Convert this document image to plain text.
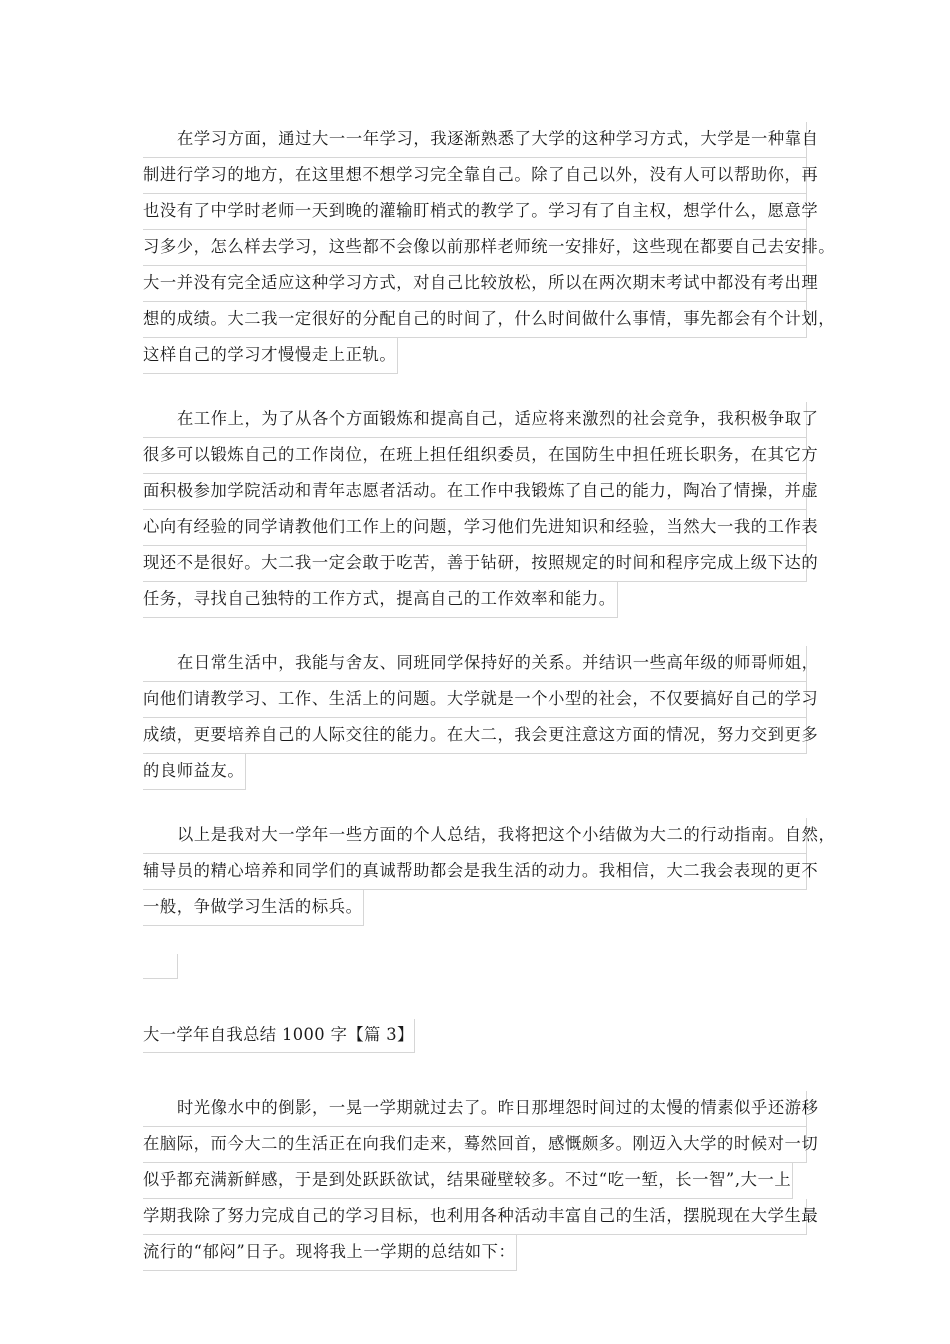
在学习方面，通过大一一年学习，我逐渐熟悉了大学的这种学习方式，大学是一种靠自
制进行学习的地方，在这里想不想学习完全靠自己。除了自己以外，没有人可以帮助你，再
也没有了中学时老师一天到晚的灌输盯梢式的教学了。学习有了自主权，想学什么，愿意学
习多少，怎么样去学习，这些都不会像以前那样老师统一安排好，这些现在都要自己去安排。
大一并没有完全适应这种学习方式，对自己比较放松，所以在两次期末考试中都没有考出理
想的成绩。大二我一定很好的分配自己的时间了，什么时间做什么事情，事先都会有个计划，
这样自己的学习才慢慢走上正轨。
在工作上，为了从各个方面锻炼和提高自己，适应将来激烈的社会竞争，我积极争取了
很多可以锻炼自己的工作岗位，在班上担任组织委员，在国防生中担任班长职务，在其它方
面积极参加学院活动和青年志愿者活动。在工作中我锻炼了自己的能力，陶冶了情操，并虚
心向有经验的同学请教他们工作上的问题，学习他们先进知识和经验，当然大一我的工作表
现还不是很好。大二我一定会敢于吃苦，善于钻研，按照规定的时间和程序完成上级下达的
任务，寻找自己独特的工作方式，提高自己的工作效率和能力。
在日常生活中，我能与舍友、同班同学保持好的关系。并结识一些高年级的师哥师姐，
向他们请教学习、工作、生活上的问题。大学就是一个小型的社会，不仅要搞好自己的学习
成绩，更要培养自己的人际交往的能力。在大二，我会更注意这方面的情况，努力交到更多
的良师益友。
以上是我对大一学年一些方面的个人总结，我将把这个小结做为大二的行动指南。自然，
辅导员的精心培养和同学们的真诚帮助都会是我生活的动力。我相信，大二我会表现的更不
一般，争做学习生活的标兵。
大一学年自我总结 1000 字【篇 3】
时光像水中的倒影，一晃一学期就过去了。昨日那埋怨时间过的太慢的情素似乎还游移
在脑际，而今大二的生活正在向我们走来，蓦然回首，感慨颇多。刚迈入大学的时候对一切
似乎都充满新鲜感，于是到处跃跃欲试，结果碰壁较多。不过“吃一堑，长一智”,大一上
学期我除了努力完成自己的学习目标，也利用各种活动丰富自己的生活，摆脱现在大学生最
流行的“郁闷”日子。现将我上一学期的总结如下：
